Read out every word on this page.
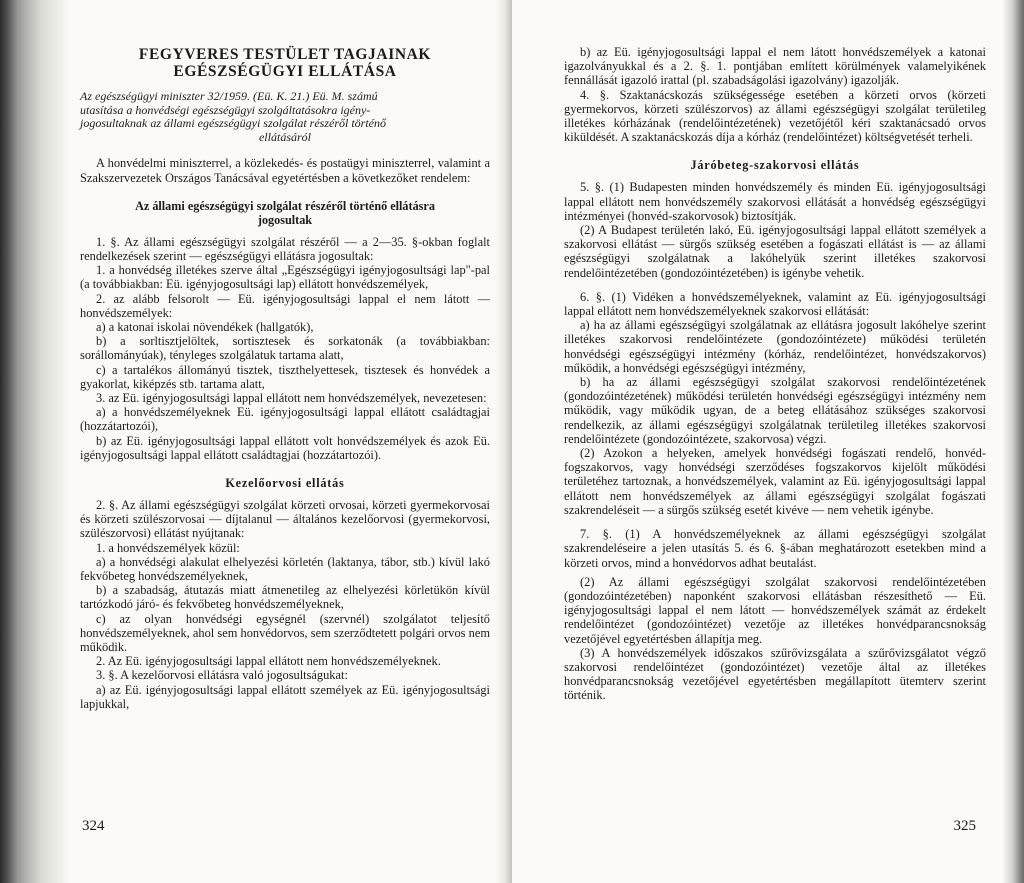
FEGYVERES TESTÜLET TAGJAINAK
EGÉSZSÉGÜGYI ELLÁTÁSA
Az egészségügyi miniszter 32/1959. (Eü. K. 21.) Eü. M. számú
utasítása a honvédségi egészségügyi szolgáltatásokra igény-
jogosultaknak az állami egészségügyi szolgálat részéről történő
ellátásáról

A honvédelmi miniszterrel, a közlekedés- és postaügyi miniszterrel, valamint a Szakszervezetek Országos Tanácsával egyetértésben a következőket rendelem:

Az állami egészségügyi szolgálat részéről történő ellátásra jogosultak

1. §. Az állami egészségügyi szolgálat részéről — a 2—35. §-okban foglalt rendelkezések szerint — egészségügyi ellátásra jogosultak:

1. a honvédség illetékes szerve által „Egészségügyi igényjogosultsági lap"-pal (a továbbiakban: Eü. igényjogosultsági lap) ellátott honvédszemélyek,

2. az alább felsorolt — Eü. igényjogosultsági lappal el nem látott — honvédszemélyek:

a) a katonai iskolai növendékek (hallgatók),

b) a sorltisztjelöltek, sortisztesek és sorkatonák (a továbbiakban: sorállományúak), tényleges szolgálatuk tartama alatt,

c) a tartalékos állományú tisztek, tiszthelyettesek, tisztesek és honvédek a gyakorlat, kiképzés stb. tartama alatt,

3. az Eü. igényjogosultsági lappal ellátott nem honvédszemélyek, nevezetesen:

a) a honvédszemélyeknek Eü. igényjogosultsági lappal ellátott családtagjai (hozzátartozói),

b) az Eü. igényjogosultsági lappal ellátott volt honvédszemélyek és azok Eü. igényjogosultsági lappal ellátott családtagjai (hozzátartozói).

Kezelőorvosi ellátás

2. §. Az állami egészségügyi szolgálat körzeti orvosai, körzeti gyermekorvosai és körzeti szülészorvosai — díjtalanul — általános kezelőorvosi (gyermekorvosi, szülészorvosi) ellátást nyújtanak:

1. a honvédszemélyek közül:

a) a honvédségi alakulat elhelyezési körletén (laktanya, tábor, stb.) kívül lakó fekvőbeteg honvédszemélyeknek,

b) a szabadság, átutazás miatt átmenetileg az elhelyezési körletükön kívül tartózkodó járó- és fekvőbeteg honvédszemélyeknek,

c) az olyan honvédségi egységnél (szervnél) szolgálatot teljesítő honvédszemélyeknek, ahol sem honvédorvos, sem szerződtetett polgári orvos nem működik.

2. Az Eü. igényjogosultsági lappal ellátott nem honvédszemélyeknek.

3. §. A kezelőorvosi ellátásra való jogosultságukat:

a) az Eü. igényjogosultsági lappal ellátott személyek az Eü. igényjogosultsági lapjukkal,

324

b) az Eü. igényjogosultsági lappal el nem látott honvédszemélyek a katonai igazolványukkal és a 2. §. 1. pontjában említett körülmények valamelyikének fennállását igazoló irattal (pl. szabadságolási igazolvány) igazolják.

4. §. Szaktanácskozás szükségessége esetében a körzeti orvos (körzeti gyermekorvos, körzeti szülészorvos) az állami egészségügyi szolgálat területileg illetékes kórházának (rendelőintézetének) vezetőjétől kéri szaktanácsadó orvos kiküldését. A szaktanácskozás díja a kórház (rendelőintézet) költségvetését terheli.

Járóbeteg-szakorvosi ellátás

5. §. (1) Budapesten minden honvédszemély és minden Eü. igényjogosultsági lappal ellátott nem honvédszemély szakorvosi ellátását a honvédség egészségügyi intézményei (honvéd-szakorvosok) biztosítják.

(2) A Budapest területén lakó, Eü. igényjogosultsági lappal ellátott személyek a szakorvosi ellátást — sürgős szükség esetében a fogászati ellátást is — az állami egészségügyi szolgálatnak a lakóhelyük szerint illetékes szakorvosi rendelőintézetében (gondozóintézetében) is igénybe vehetik.

6. §. (1) Vidéken a honvédszemélyeknek, valamint az Eü. igényjogosultsági lappal ellátott nem honvédszemélyeknek szakorvosi ellátását:

a) ha az állami egészségügyi szolgálatnak az ellátásra jogosult lakóhelye szerint illetékes szakorvosi rendelőintézete (gondozóintézete) működési területén honvédségi egészségügyi intézmény (kórház, rendelőintézet, honvédszakorvos) működik, a honvédségi egészségügyi intézmény,

b) ha az állami egészségügyi szolgálat szakorvosi rendelőintézetének (gondozóintézetének) működési területén honvédségi egészségügyi intézmény nem működik, vagy működik ugyan, de a beteg ellátásához szükséges szakorvosi rendelkezik, az állami egészségügyi szolgálatnak területileg illetékes szakorvosi rendelőintézete (gondozóintézete, szakorvosa) végzi.

(2) Azokon a helyeken, amelyek honvédségi fogászati rendelő, honvéd-fogszakorvos, vagy honvédségi szerződéses fogszakorvos kijelölt működési területéhez tartoznak, a honvédszemélyek, valamint az Eü. igényjogosultsági lappal ellátott nem honvédszemélyek az állami egészségügyi szolgálat fogászati szakrendeléseit — a sürgős szükség esetét kivéve — nem vehetik igénybe.

7. §. (1) A honvédszemélyeknek az állami egészségügyi szolgálat szakrendeléseire a jelen utasítás 5. és 6. §-ában meghatározott esetekben mind a körzeti orvos, mind a honvédorvos adhat beutalást.

(2) Az állami egészségügyi szolgálat szakorvosi rendelőintézetében (gondozóintézetében) naponként szakorvosi ellátásban részesíthető — Eü. igényjogosultsági lappal el nem látott — honvédszemélyek számát az érdekelt rendelőintézet (gondozóintézet) vezetője az illetékes honvédparancsnokság vezetőjével egyetértésben állapítja meg.

(3) A honvédszemélyek időszakos szűrővizsgálata a szűrővizsgálatot végző szakorvosi rendelőintézet (gondozóintézet) vezetője által az illetékes honvédparancsnokság vezetőjével egyetértésben megállapított ütemterv szerint történik.

325
